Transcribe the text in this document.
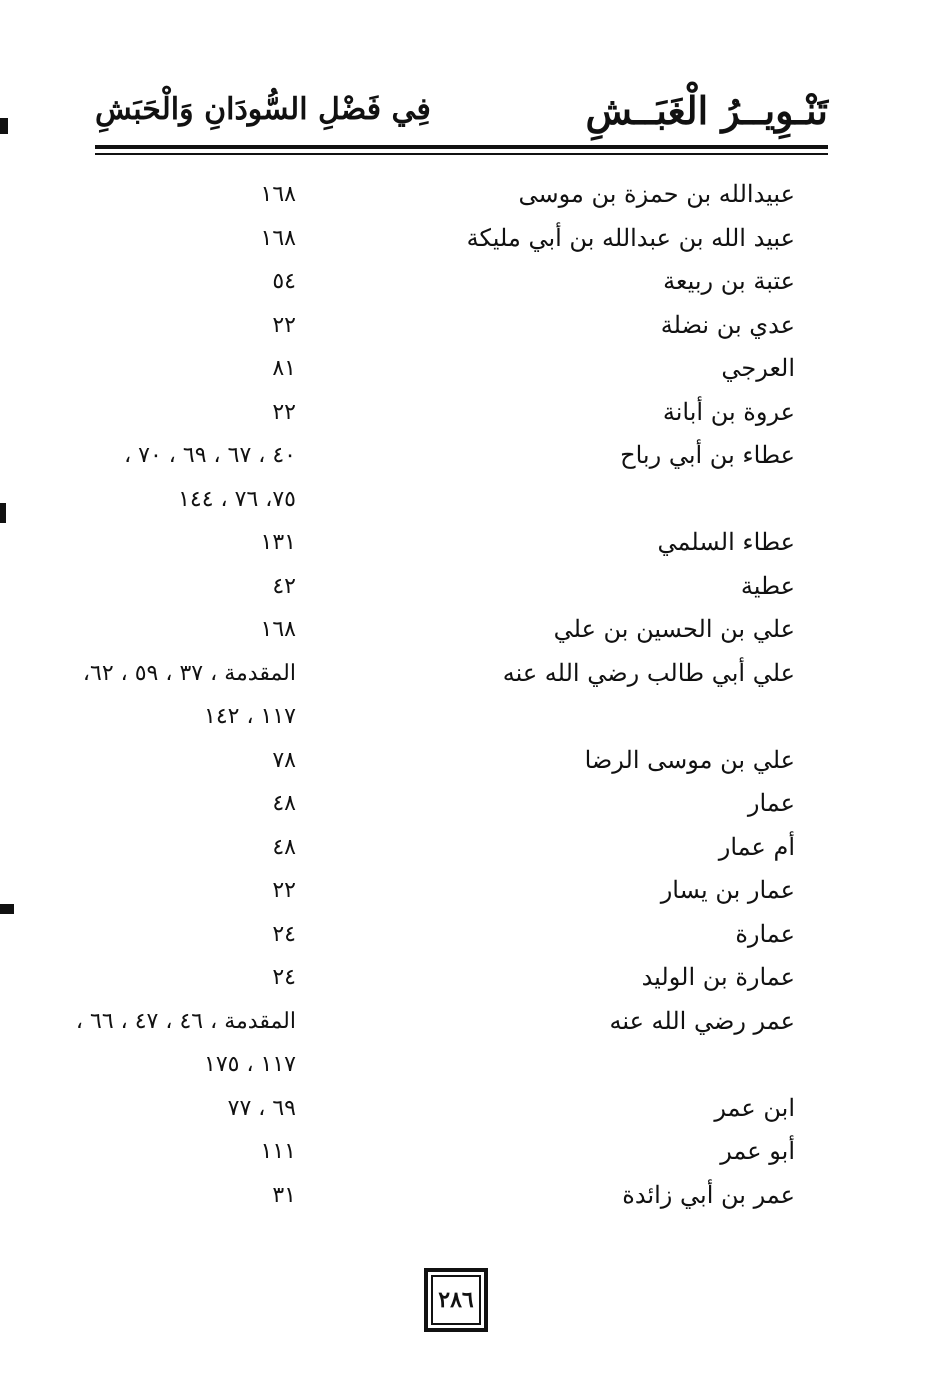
تَنْـوِيــرُ الْغَبَــشِ
فِي فَضْلِ السُّودَانِ وَالْحَبَشِ
عبيدالله بن حمزة بن موسى
١٦٨
عبيد الله بن عبدالله بن أبي مليكة
١٦٨
عتبة بن ربيعة
٥٤
عدي بن نضلة
٢٢
العرجي
٨١
عروة بن أبانة
٢٢
عطاء بن أبي رباح
٤٠ ، ٦٧ ، ٦٩ ، ٧٠ ،
٧٥، ٧٦ ، ١٤٤
عطاء السلمي
١٣١
عطية
٤٢
علي بن الحسين بن علي
١٦٨
علي أبي طالب رضي الله عنه
المقدمة ، ٣٧ ، ٥٩ ، ٦٢،
١١٧ ، ١٤٢
علي بن موسى الرضا
٧٨
عمار
٤٨
أم عمار
٤٨
عمار بن يسار
٢٢
عمارة
٢٤
عمارة بن الوليد
٢٤
عمر رضي الله عنه
المقدمة ، ٤٦ ، ٤٧ ، ٦٦ ،
١١٧ ، ١٧٥
ابن عمر
٦٩ ، ٧٧
أبو عمر
١١١
عمر بن أبي زائدة
٣١
٢٨٦
